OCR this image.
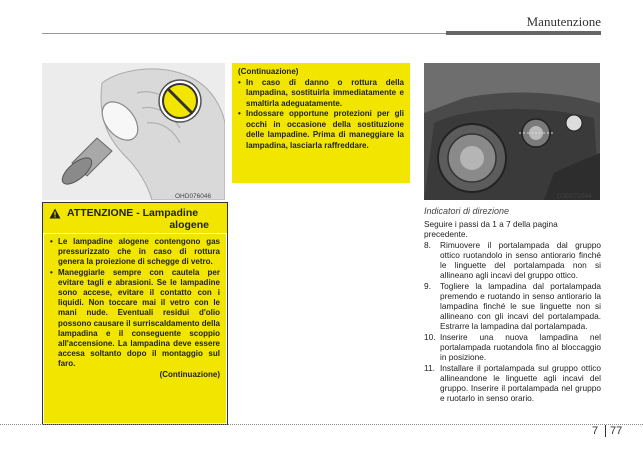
Manutenzione
OHD076046
(Continuazione)
• In caso di danno o rottura della lampadina, sostituirla immediatamente e smaltirla adeguatamente.
• Indossare opportune protezioni per gli occhi in occasione della sostituzione delle lampadine. Prima di maneggiare la lampadina, lasciarla raffreddare.
OJD072044
ATTENZIONE - Lampadine
alogene
• Le lampadine alogene contengono gas pressurizzato che in caso di rottura genera la proiezione di schegge di vetro.
• Maneggiarle sempre con cautela per evitare tagli e abrasioni. Se le lampadine sono accese, evitare il contatto con i liquidi. Non toccare mai il vetro con le mani nude. Eventuali residui d'olio possono causare il surriscaldamento della lampadina e il conseguente scoppio all'accensione. La lampadina deve essere accesa soltanto dopo il montaggio sul faro.
(Continuazione)
Indicatori di direzione

Seguire i passi da 1 a 7 della pagina precedente.

8. Rimuovere il portalampada dal gruppo ottico ruotandolo in senso antiorario finché le linguette del portalampada non si allineano agli incavi del gruppo ottico.
9. Togliere la lampadina dal portalampada premendo e ruotando in senso antiorario la lampadina finché le sue linguette non si allineano con gli incavi del portalampada. Estrarre la lampadina dal portalampada.
10. Inserire una nuova lampadina nel portalampada ruotandola fino al bloccaggio in posizione.
11. Installare il portalampada sul gruppo ottico allineandone le linguette agli incavi del gruppo. Inserire il portalampada nel gruppo e ruotarlo in senso orario.
7	77
